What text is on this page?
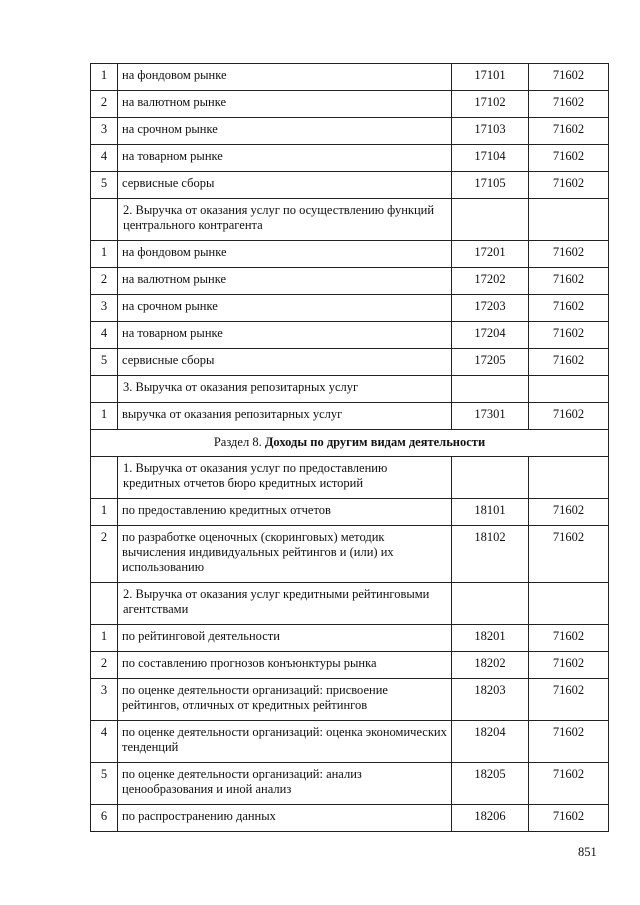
1	на фондовом рынке	17101	71602
2	на валютном рынке	17102	71602
3	на срочном рынке	17103	71602
4	на товарном рынке	17104	71602
5	сервисные сборы	17105	71602
	2. Выручка от оказания услуг по осуществлению функций центрального контрагента		
1	на фондовом рынке	17201	71602
2	на валютном рынке	17202	71602
3	на срочном рынке	17203	71602
4	на товарном рынке	17204	71602
5	сервисные сборы	17205	71602
	3. Выручка от оказания репозитарных услуг		
1	выручка от оказания репозитарных услуг	17301	71602
Раздел 8. Доходы по другим видам деятельности			
	1. Выручка от оказания услуг по предоставлению кредитных отчетов бюро кредитных историй		
1	по предоставлению кредитных отчетов	18101	71602
2	по разработке оценочных (скоринговых) методик вычисления индивидуальных рейтингов и (или) их использованию	18102	71602
	2. Выручка от оказания услуг кредитными рейтинговыми агентствами		
1	по рейтинговой деятельности	18201	71602
2	по составлению прогнозов конъюнктуры рынка	18202	71602
3	по оценке деятельности организаций: присвоение рейтингов, отличных от кредитных рейтингов	18203	71602
4	по оценке деятельности организаций: оценка экономических тенденций	18204	71602
5	по оценке деятельности организаций: анализ ценообразования и иной анализ	18205	71602
6	по распространению данных	18206	71602
851
